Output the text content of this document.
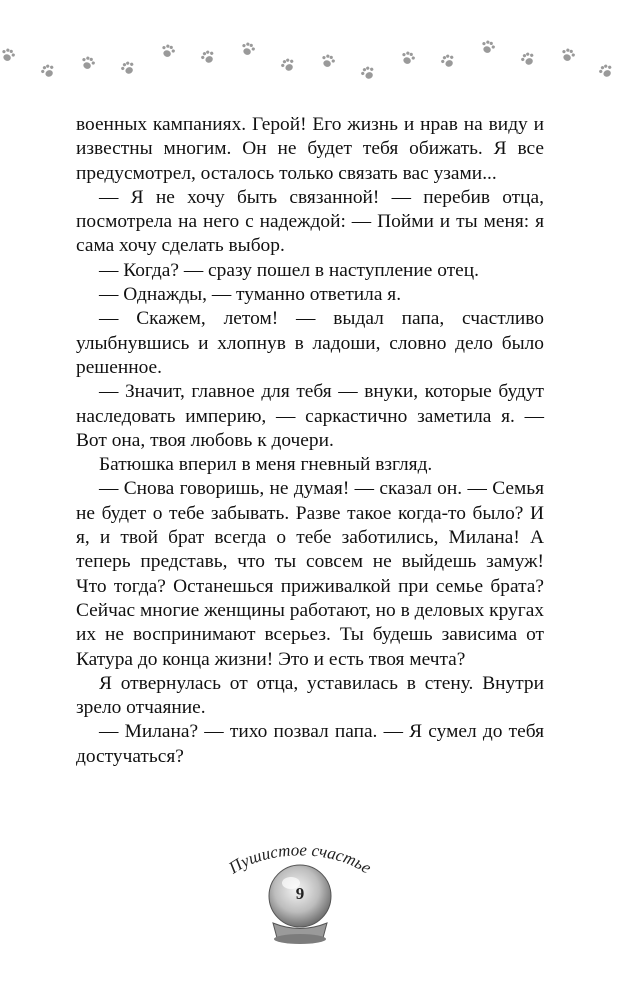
военных кампаниях. Герой! Его жизнь и нрав на виду и известны многим. Он не будет тебя обижать. Я все предусмотрел, осталось только связать вас узами...

— Я не хочу быть связанной! — перебив отца, посмотрела на него с надеждой: — Пойми и ты меня: я сама хочу сделать выбор.

— Когда? — сразу пошел в наступление отец.

— Однажды, — туманно ответила я.

— Скажем, летом! — выдал папа, счастливо улыбнувшись и хлопнув в ладоши, словно дело было решенное.

— Значит, главное для тебя — внуки, которые будут наследовать империю, — саркастично заметила я. — Вот она, твоя любовь к дочери.

Батюшка вперил в меня гневный взгляд.

— Снова говоришь, не думая! — сказал он. — Семья не будет о тебе забывать. Разве такое когда-то было? И я, и твой брат всегда о тебе заботились, Милана! А теперь представь, что ты совсем не выйдешь замуж! Что тогда? Останешься приживалкой при семье брата? Сейчас многие женщины работают, но в деловых кругах их не воспринимают всерьез. Ты будешь зависима от Катура до конца жизни! Это и есть твоя мечта?

Я отвернулась от отца, уставилась в стену. Внутри зрело отчаяние.

— Милана? — тихо позвал папа. — Я сумел до тебя достучаться?

Пушистое счастье
9
